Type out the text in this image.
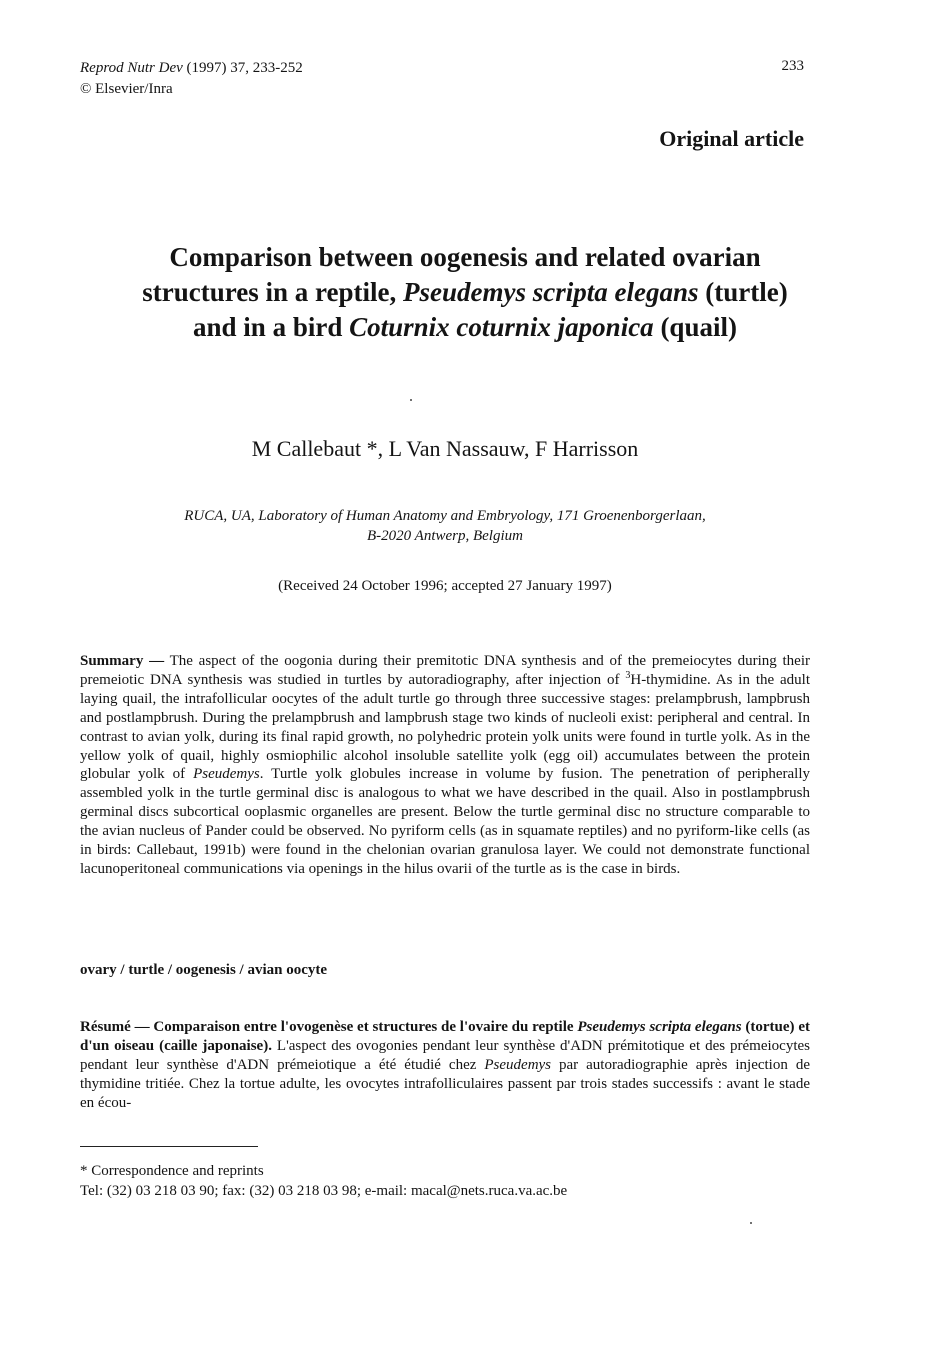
Reprod Nutr Dev (1997) 37, 233-252
© Elsevier/Inra
233
Original article
Comparison between oogenesis and related ovarian structures in a reptile, Pseudemys scripta elegans (turtle) and in a bird Coturnix coturnix japonica (quail)
M Callebaut *, L Van Nassauw, F Harrisson
RUCA, UA, Laboratory of Human Anatomy and Embryology, 171 Groenenborgerlaan,
B-2020 Antwerp, Belgium
(Received 24 October 1996; accepted 27 January 1997)
Summary — The aspect of the oogonia during their premitotic DNA synthesis and of the premeiocytes during their premeiotic DNA synthesis was studied in turtles by autoradiography, after injection of $^3$H-thymidine. As in the adult laying quail, the intrafollicular oocytes of the adult turtle go through three successive stages: prelampbrush, lampbrush and postlampbrush. During the prelampbrush and lampbrush stage two kinds of nucleoli exist: peripheral and central. In contrast to avian yolk, during its final rapid growth, no polyhedric protein yolk units were found in turtle yolk. As in the yellow yolk of quail, highly osmiophilic alcohol insoluble satellite yolk (egg oil) accumulates between the protein globular yolk of Pseudemys. Turtle yolk globules increase in volume by fusion. The penetration of peripherally assembled yolk in the turtle germinal disc is analogous to what we have described in the quail. Also in postlampbrush germinal discs subcortical ooplasmic organelles are present. Below the turtle germinal disc no structure comparable to the avian nucleus of Pander could be observed. No pyriform cells (as in squamate reptiles) and no pyriform-like cells (as in birds: Callebaut, 1991b) were found in the chelonian ovarian granulosa layer. We could not demonstrate functional lacunoperitoneal communications via openings in the hilus ovarii of the turtle as is the case in birds.
ovary / turtle / oogenesis / avian oocyte
Résumé — Comparaison entre l'ovogenèse et structures de l'ovaire du reptile Pseudemys scripta elegans (tortue) et d'un oiseau (caille japonaise). L'aspect des ovogonies pendant leur synthèse d'ADN prémitotique et des prémeiocytes pendant leur synthèse d'ADN prémeiotique a été étudié chez Pseudemys par autoradiographie après injection de thymidine tritiée. Chez la tortue adulte, les ovocytes intrafolliculaires passent par trois stades successifs : avant le stade en écou-
* Correspondence and reprints
Tel: (32) 03 218 03 90; fax: (32) 03 218 03 98; e-mail: macal@nets.ruca.va.ac.be
